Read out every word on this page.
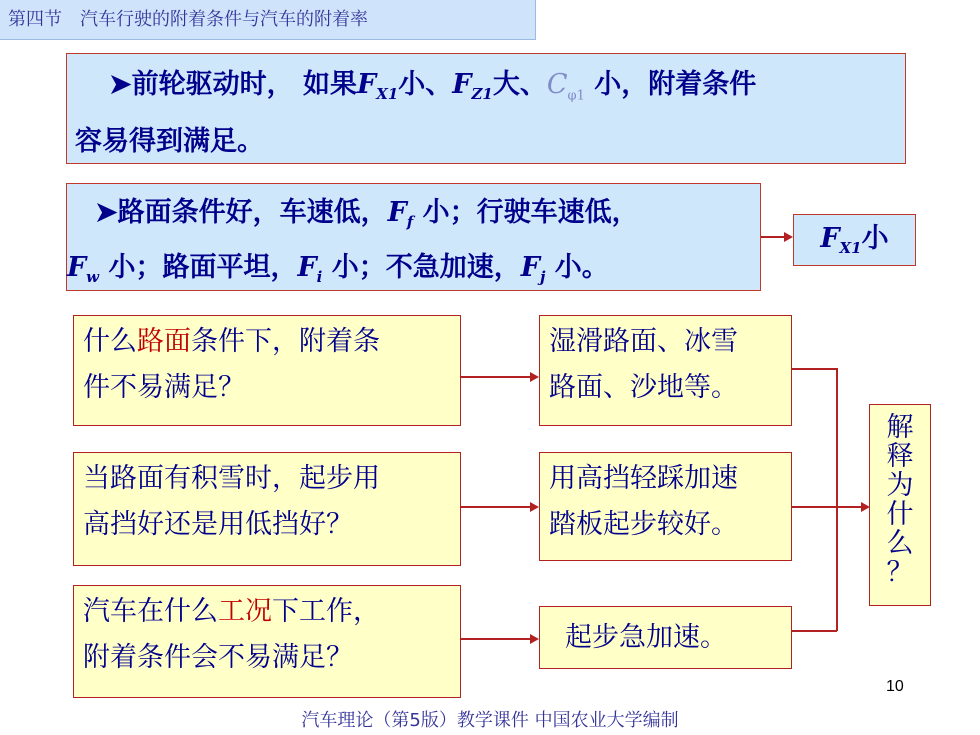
第四节 汽车行驶的附着条件与汽车的附着率
➤前轮驱动时， 如果$F_{X1}$小、$F_{Z1}$大、$C_{\varphi 1}$ 小，附着条件
容易得到满足。
➤路面条件好，车速低，$F_f$ 小；行驶车速低，
$F_w$ 小；路面平坦，$F_i$ 小；不急加速，$F_j$ 小。
$F_{X1}$小
什么路面条件下，附着条
件不易满足？
湿滑路面、冰雪
路面、沙地等。
当路面有积雪时，起步用
高挡好还是用低挡好？
用高挡轻踩加速
踏板起步较好。
汽车在什么工况下工作，
附着条件会不易满足？
起步急加速。
解
释
为
什
么
？
10
汽车理论（第5版）教学课件 中国农业大学编制
